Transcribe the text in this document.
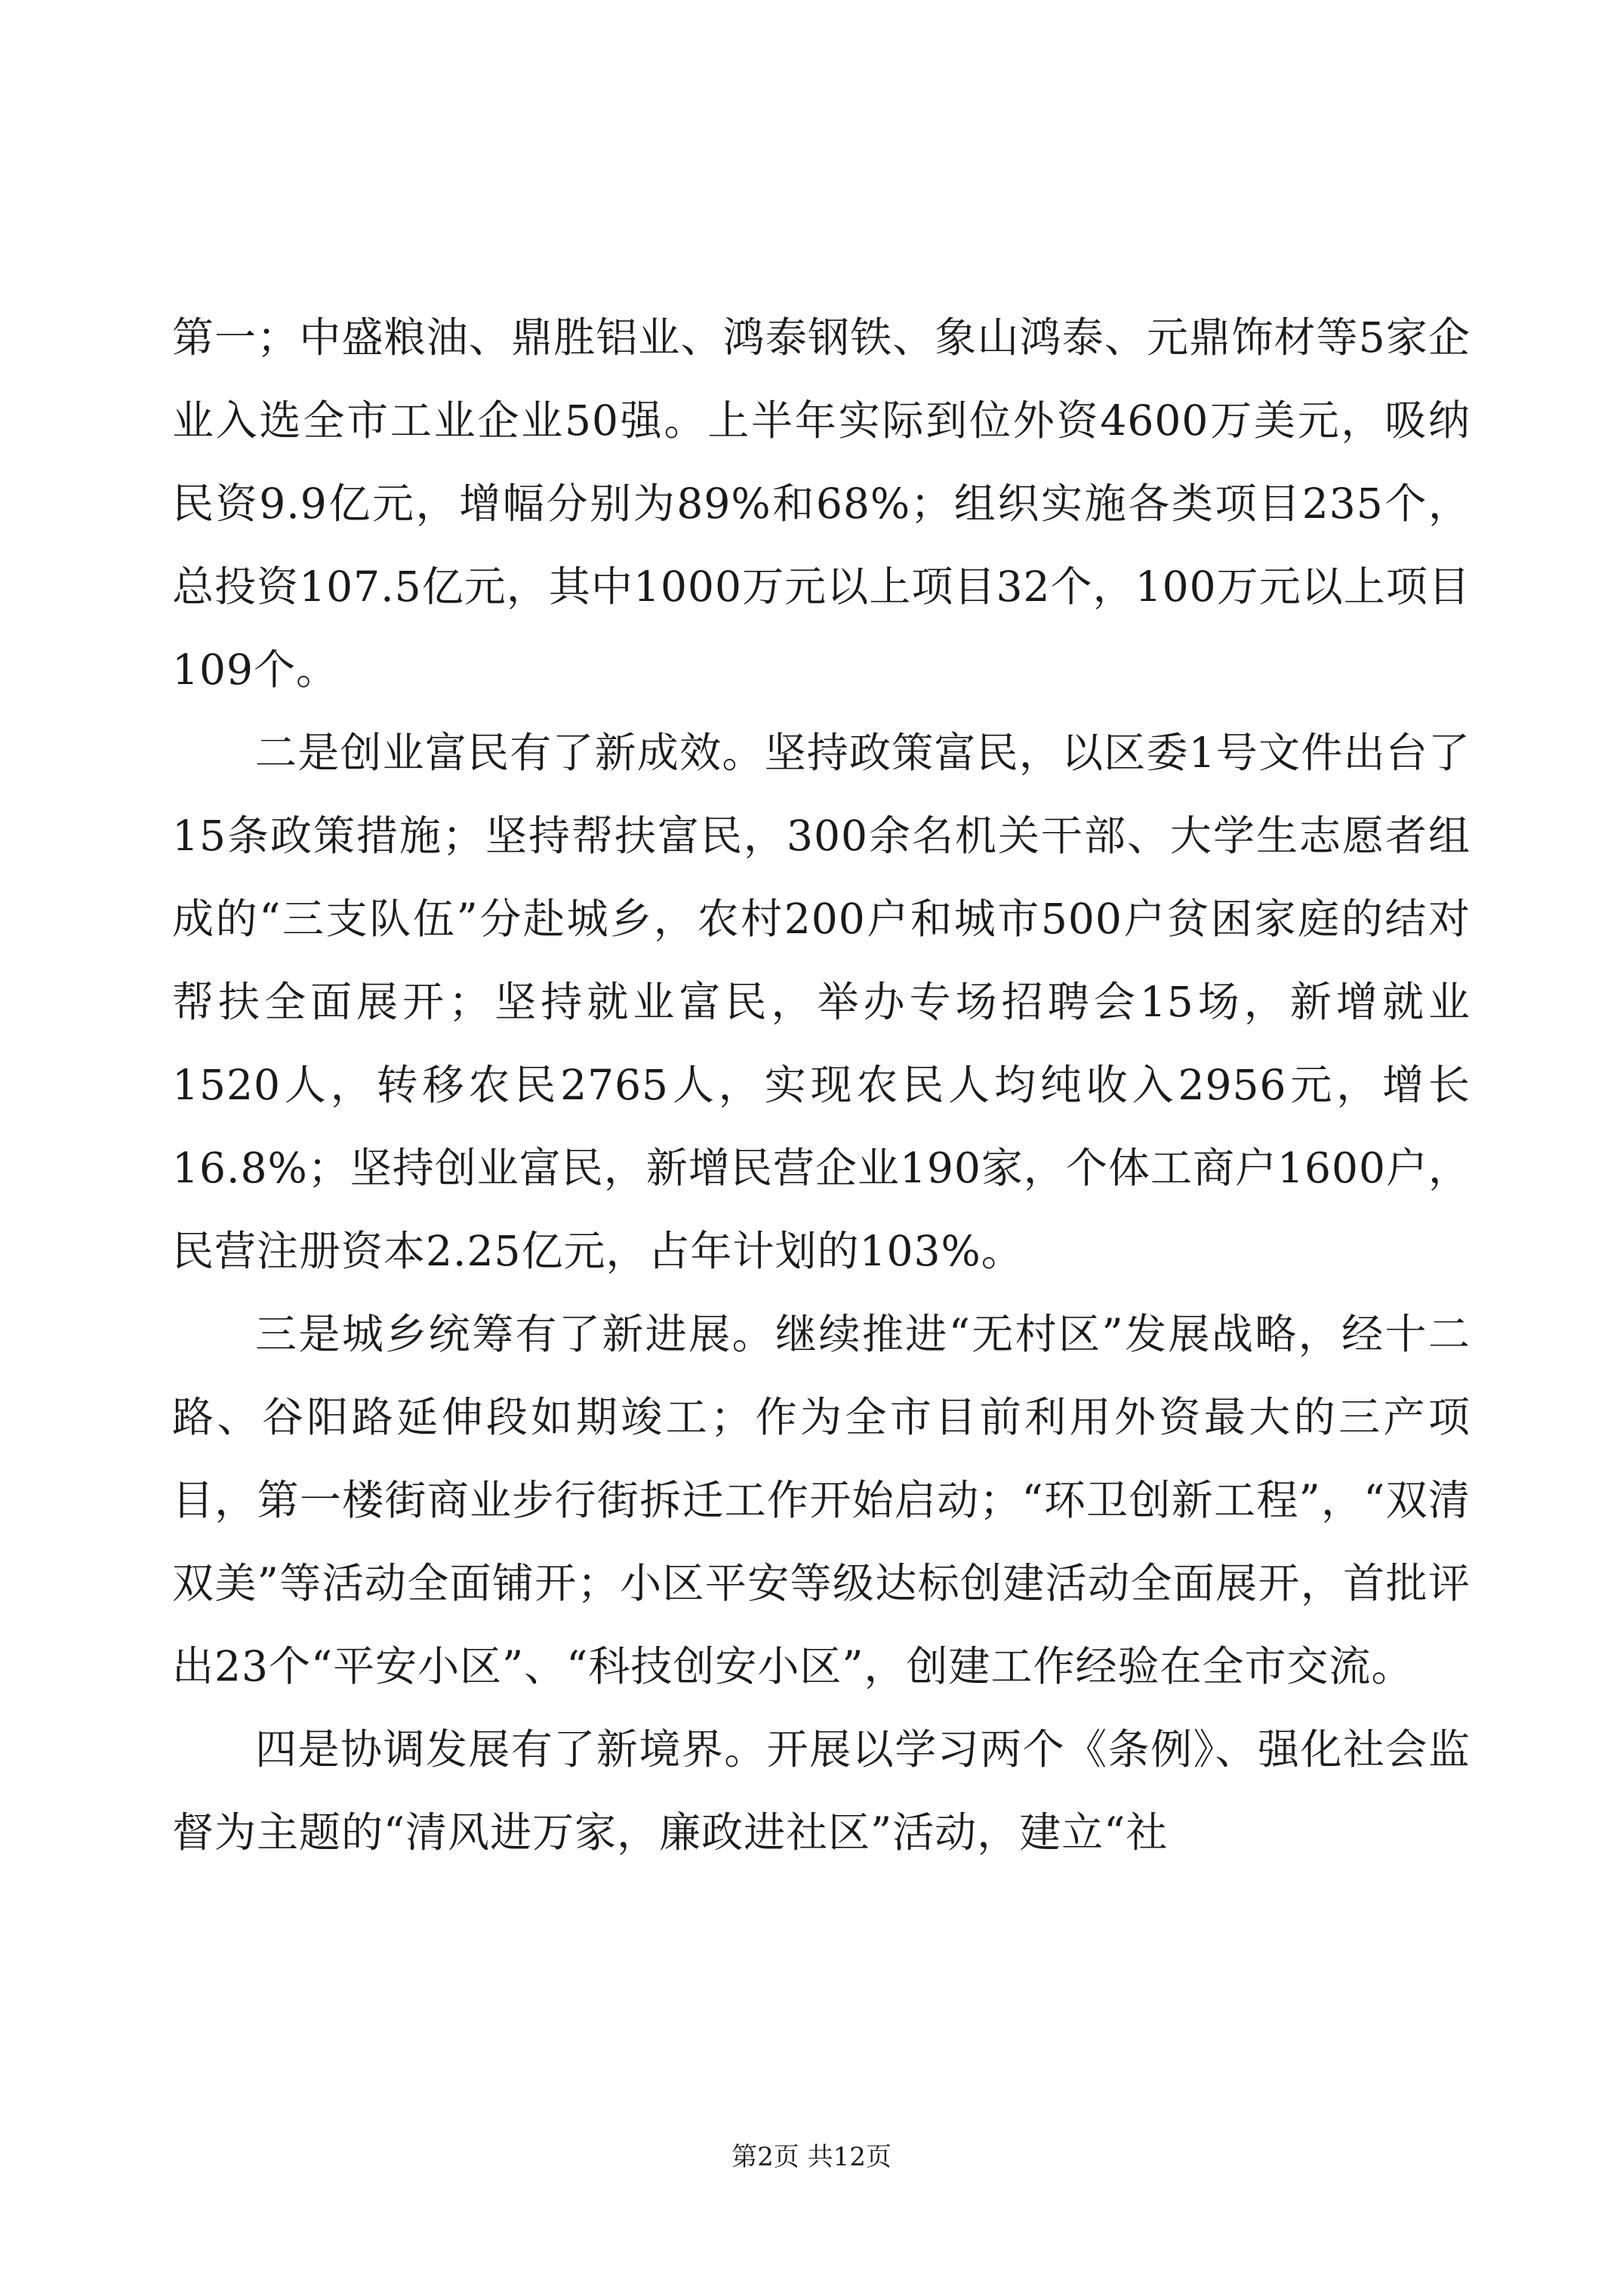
第一；中盛粮油、鼎胜铝业、鸿泰钢铁、象山鸿泰、元鼎饰材等5家企业入选全市工业企业50强。上半年实际到位外资4600万美元，吸纳民资9.9亿元，增幅分别为89%和68%；组织实施各类项目235个，总投资107.5亿元，其中1000万元以上项目32个，100万元以上项目109个。

二是创业富民有了新成效。坚持政策富民，以区委1号文件出台了15条政策措施；坚持帮扶富民，300余名机关干部、大学生志愿者组成的“三支队伍”分赴城乡，农村200户和城市500户贫困家庭的结对帮扶全面展开；坚持就业富民，举办专场招聘会15场，新增就业1520人，转移农民2765人，实现农民人均纯收入2956元，增长16.8%；坚持创业富民，新增民营企业190家，个体工商户1600户，民营注册资本2.25亿元，占年计划的103%。

三是城乡统筹有了新进展。继续推进“无村区”发展战略，经十二路、谷阳路延伸段如期竣工；作为全市目前利用外资最大的三产项目，第一楼街商业步行街拆迁工作开始启动；“环卫创新工程”，“双清双美”等活动全面铺开；小区平安等级达标创建活动全面展开，首批评出23个“平安小区”、“科技创安小区”，创建工作经验在全市交流。

四是协调发展有了新境界。开展以学习两个《条例》、强化社会监督为主题的“清风进万家，廉政进社区”活动，建立“社

第2页 共12页
